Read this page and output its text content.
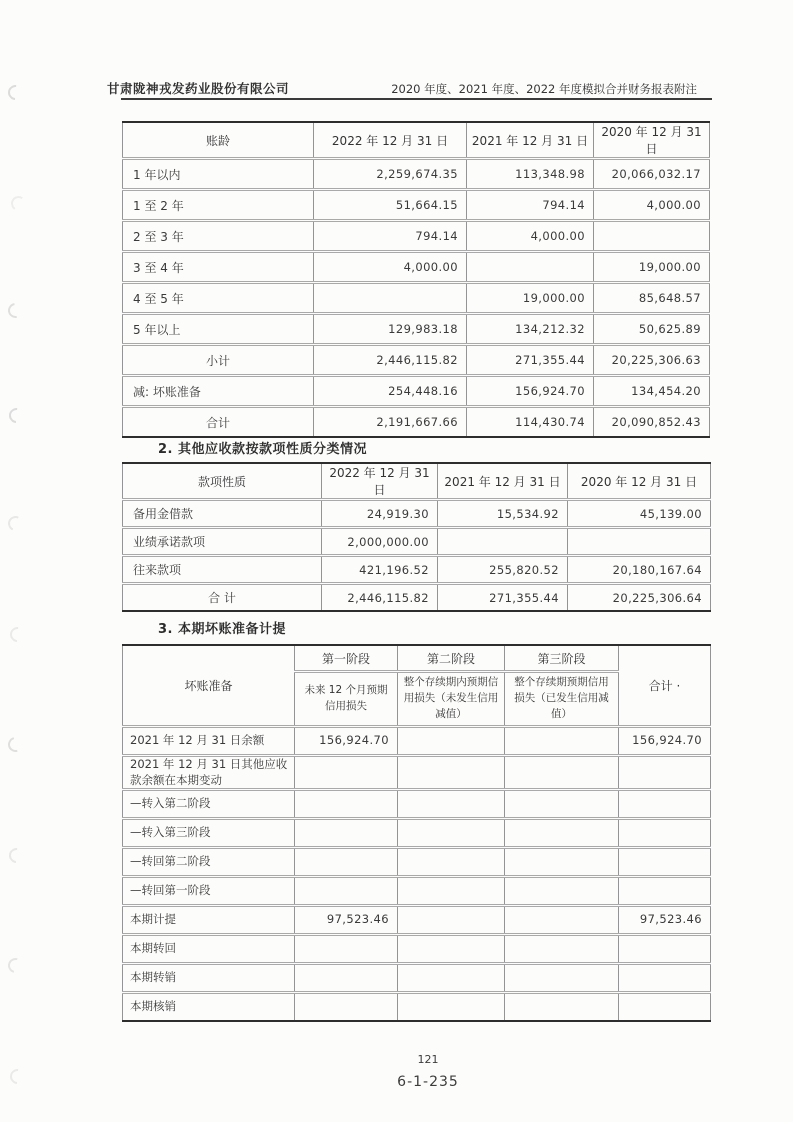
甘肃陇神戎发药业股份有限公司	2020 年度、2021 年度、2022 年度模拟合并财务报表附注
账龄	2022 年 12 月 31 日	2021 年 12 月 31 日	2020 年 12 月 31 日
1 年以内	2,259,674.35	113,348.98	20,066,032.17
1 至 2 年	51,664.15	794.14	4,000.00
2 至 3 年	794.14	4,000.00	
3 至 4 年	4,000.00		19,000.00
4 至 5 年		19,000.00	85,648.57
5 年以上	129,983.18	134,212.32	50,625.89
小计	2,446,115.82	271,355.44	20,225,306.63
减: 坏账准备	254,448.16	156,924.70	134,454.20
合计	2,191,667.66	114,430.74	20,090,852.43
2. 其他应收款按款项性质分类情况
款项性质	2022 年 12 月 31 日	2021 年 12 月 31 日	2020 年 12 月 31 日
备用金借款	24,919.30	15,534.92	45,139.00
业绩承诺款项	2,000,000.00		
往来款项	421,196.52	255,820.52	20,180,167.64
合 计	2,446,115.82	271,355.44	20,225,306.64
3. 本期坏账准备计提
坏账准备	第一阶段	第二阶段	第三阶段	合计 ·
	未来 12 个月预期信用损失	整个存续期内预期信用损失（未发生信用减值）	整个存续期预期信用损失（已发生信用减值）	
2021 年 12 月 31 日余额	156,924.70			156,924.70
2021 年 12 月 31 日其他应收款余额在本期变动				
—转入第二阶段				
—转入第三阶段				
—转回第二阶段				
—转回第一阶段				
本期计提	97,523.46			97,523.46
本期转回				
本期转销				
本期核销				
121
6-1-235
